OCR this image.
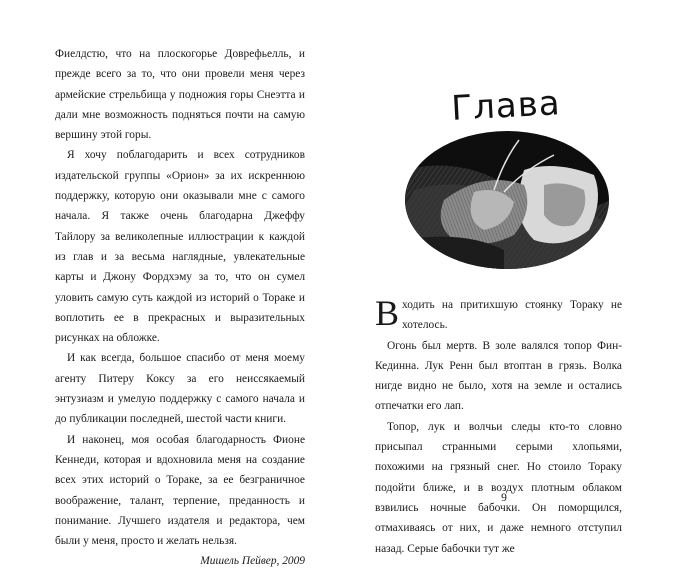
Фиелдстю, что на плоскогорье Доврефьелль, и прежде всего за то, что они провели меня через армейские стрельбища у подножия горы Снеэтта и дали мне возможность подняться почти на самую вершину этой горы.

Я хочу поблагодарить и всех сотрудников издательской группы «Орион» за их искреннюю поддержку, которую они оказывали мне с самого начала. Я также очень благодарна Джеффу Тайлору за великолепные иллюстрации к каждой из глав и за весьма наглядные, увлекательные карты и Джону Фордхэму за то, что он сумел уловить самую суть каждой из историй о Тораке и воплотить ее в прекрасных и выразительных рисунках на обложке.

И как всегда, большое спасибо от меня моему агенту Питеру Коксу за его неиссякаемый энтузиазм и умелую поддержку с самого начала и до публикации последней, шестой части книги.

И наконец, моя особая благодарность Фионе Кеннеди, которая и вдохновила меня на создание всех этих историй о Тораке, за ее безграничное воображение, талант, терпение, преданность и понимание. Лучшего издателя и редактора, чем были у меня, просто и желать нельзя.

Мишель Пейвер, 2009

Глава

Входить на притихшую стоянку Тораку не хотелось.

Огонь был мертв. В золе валялся топор Фин-Кединна. Лук Ренн был втоптан в грязь. Волка нигде видно не было, хотя на земле и остались отпечатки его лап.

Топор, лук и волчьи следы кто-то словно присыпал странными серыми хлопьями, похожими на грязный снег. Но стоило Тораку подойти ближе, и в воздух плотным облаком взвились ночные бабочки. Он поморщился, отмахиваясь от них, и даже немного отступил назад. Серые бабочки тут же

9
